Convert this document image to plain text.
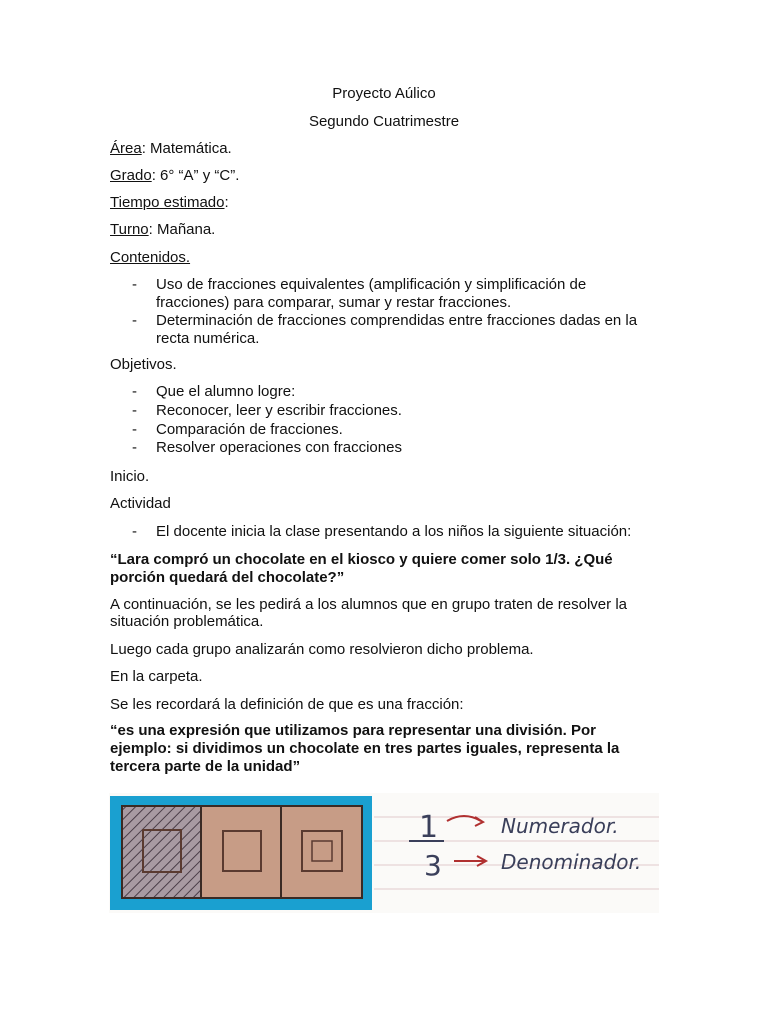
Proyecto Aúlico
Segundo Cuatrimestre
Área: Matemática.
Grado: 6° “A” y “C”.
Tiempo estimado:
Turno: Mañana.
Contenidos.
-	Uso de fracciones equivalentes (amplificación y simplificación de
fracciones) para comparar, sumar y restar fracciones.
-	Determinación de fracciones comprendidas entre fracciones dadas en la
recta numérica.
Objetivos.
-	Que el alumno logre:
-	Reconocer, leer y escribir fracciones.
-	Comparación de fracciones.
-	Resolver operaciones con fracciones
Inicio.
Actividad
-	El docente inicia la clase presentando a los niños la siguiente situación:
“Lara compró un chocolate en el kiosco y quiere comer solo 1/3. ¿Qué
porción quedará del chocolate?”
A continuación, se les pedirá a los alumnos que en grupo traten de resolver la
situación problemática.
Luego cada grupo analizarán como resolvieron dicho problema.
En la carpeta.
Se les recordará la definición de que es una fracción:
“es una expresión que utilizamos para representar una división. Por
ejemplo: si dividimos un chocolate en tres partes iguales, representa la
tercera parte de la unidad”
1
3
Numerador.
Denominador.
